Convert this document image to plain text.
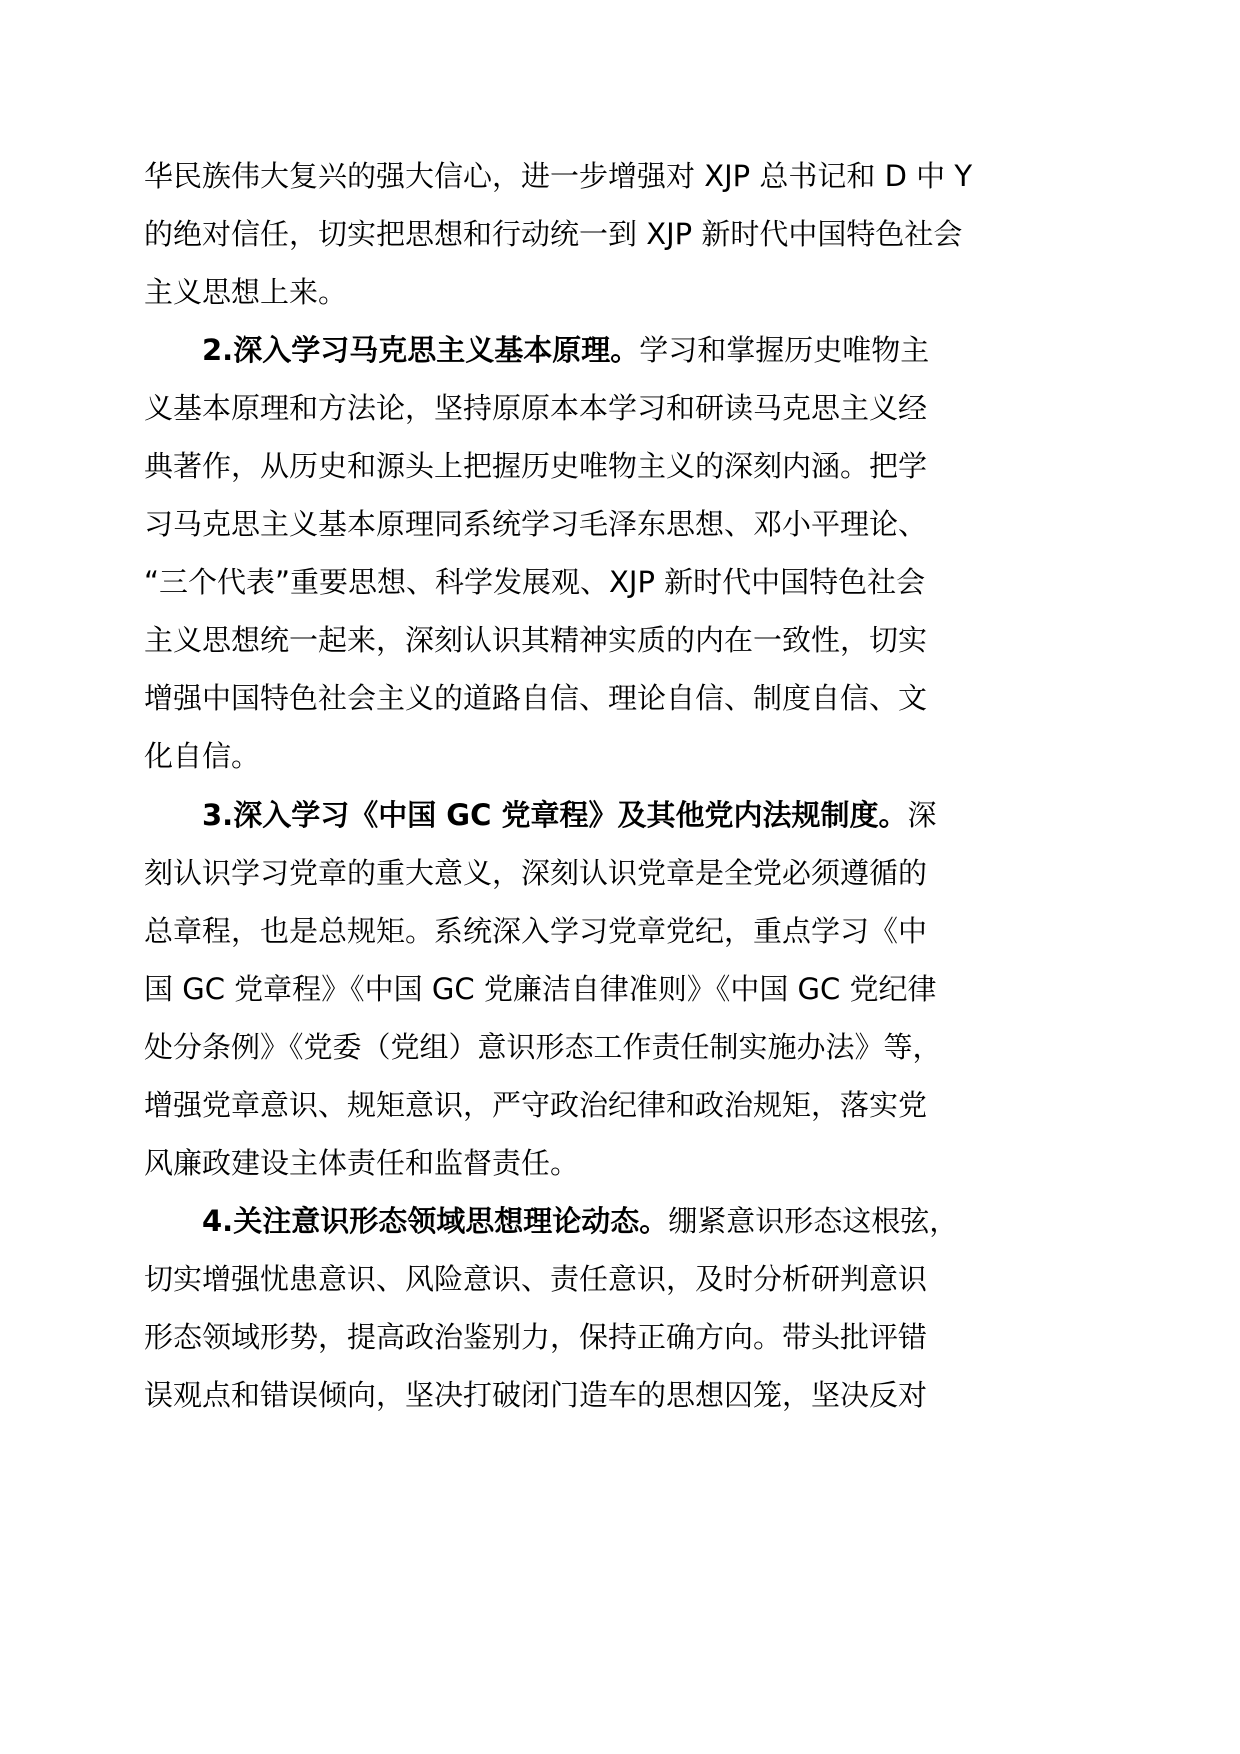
华民族伟大复兴的强大信心，进一步增强对 XJP 总书记和 D 中 Y
的绝对信任，切实把思想和行动统一到 XJP 新时代中国特色社会
主义思想上来。
2.深入学习马克思主义基本原理。学习和掌握历史唯物主
义基本原理和方法论，坚持原原本本学习和研读马克思主义经
典著作，从历史和源头上把握历史唯物主义的深刻内涵。把学
习马克思主义基本原理同系统学习毛泽东思想、邓小平理论、
“三个代表”重要思想、科学发展观、XJP 新时代中国特色社会
主义思想统一起来，深刻认识其精神实质的内在一致性，切实
增强中国特色社会主义的道路自信、理论自信、制度自信、文
化自信。
3.深入学习《中国 GC 党章程》及其他党内法规制度。深
刻认识学习党章的重大意义，深刻认识党章是全党必须遵循的
总章程，也是总规矩。系统深入学习党章党纪，重点学习《中
国 GC 党章程》《中国 GC 党廉洁自律准则》《中国 GC 党纪律
处分条例》《党委（党组）意识形态工作责任制实施办法》等，
增强党章意识、规矩意识，严守政治纪律和政治规矩，落实党
风廉政建设主体责任和监督责任。
4.关注意识形态领域思想理论动态。绷紧意识形态这根弦，
切实增强忧患意识、风险意识、责任意识，及时分析研判意识
形态领域形势，提高政治鉴别力，保持正确方向。带头批评错
误观点和错误倾向，坚决打破闭门造车的思想囚笼，坚决反对
